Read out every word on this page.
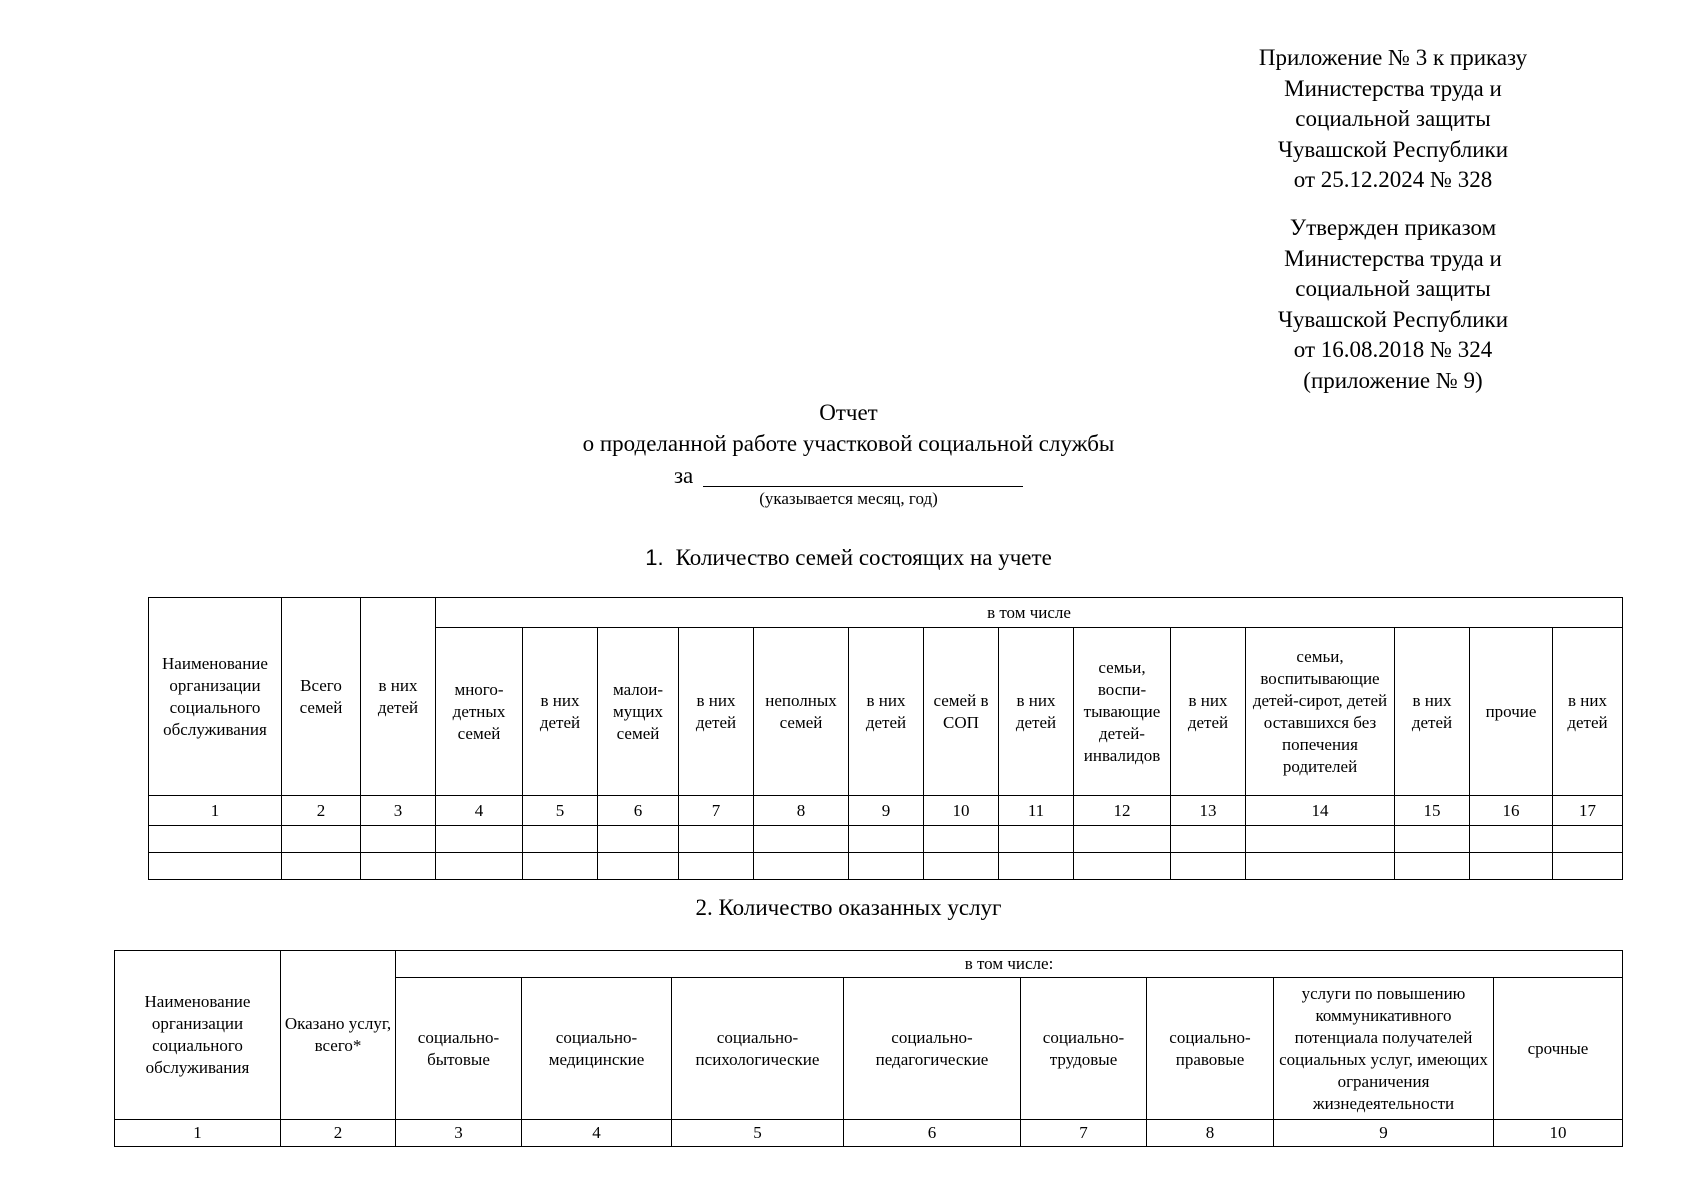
Приложение № 3 к приказу
Министерства труда и
социальной защиты
Чувашской Республики
от 25.12.2024 № 328
Утвержден приказом
Министерства труда и
социальной защиты
Чувашской Республики
от 16.08.2018 № 324
(приложение № 9)
Отчет
о проделанной работе участковой социальной службы
за
(указывается месяц, год)
1. Количество семей состоящих на учете
Наименование организации социального обслуживания	Всего семей	в них детей	в том числе													
			много-детных семей	в них детей	малои-мущих семей	в них детей	неполных семей	в них детей	семей в СОП	в них детей	семьи, воспи-тывающие детей-инвалидов	в них детей	семьи, воспитывающие детей-сирот, детей оставшихся без попечения родителей	в них детей	прочие	в них детей
1	2	3	4	5	6	7	8	9	10	11	12	13	14	15	16	17

2. Количество оказанных услуг
Наименование организации социального обслуживания	Оказано услуг, всего*	в том числе:							
		социально-бытовые	социально-медицинские	социально-психологические	социально-педагогические	социально-трудовые	социально-правовые	услуги по повышению коммуникативного потенциала получателей социальных услуг, имеющих ограничения жизнедеятельности	срочные
1	2	3	4	5	6	7	8	9	10
